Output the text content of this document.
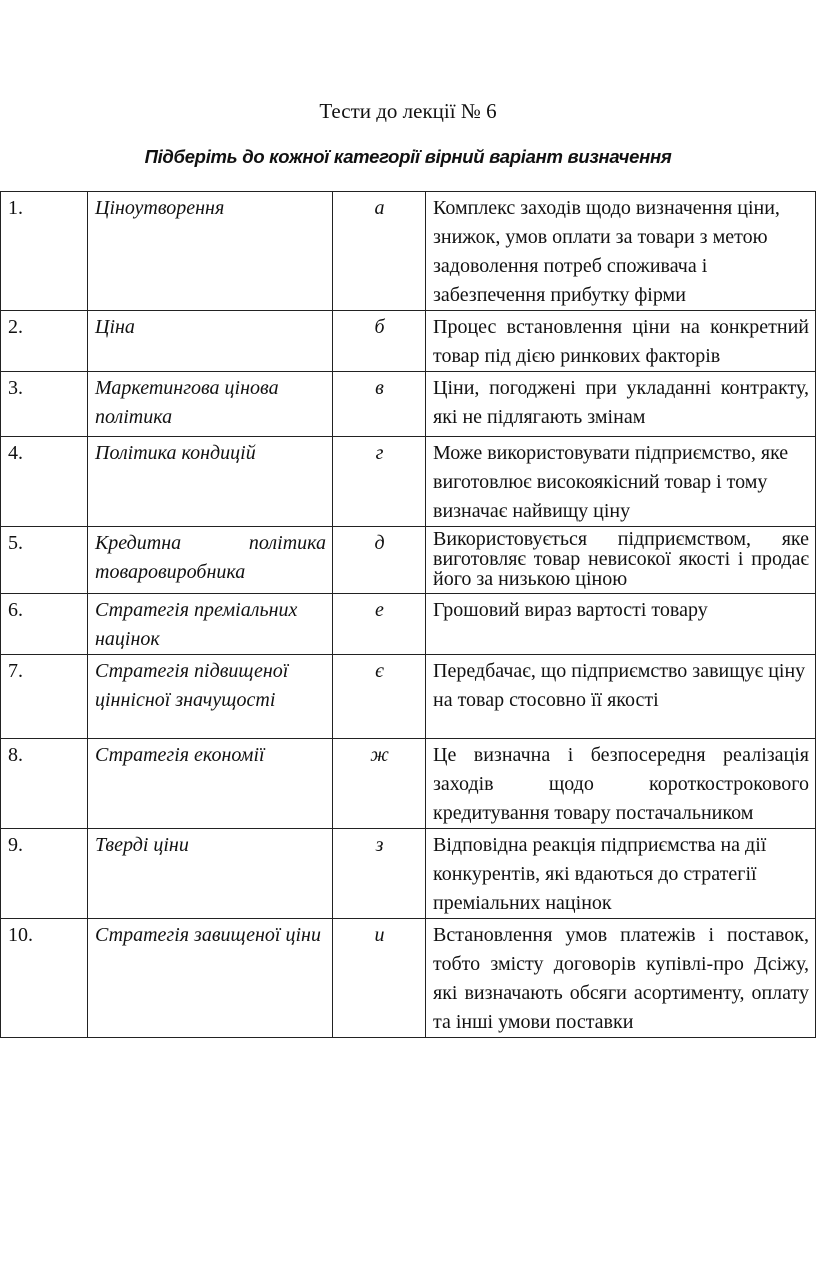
Тести до лекції № 6
Підберіть до кожної категорії вірний варіант визначення
1.	Ціноутворення	а	Комплекс заходів щодо визначення ціни, знижок, умов оплати за товари з метою задоволення потреб споживача і забезпечення прибутку фірми
2.	Ціна	б	Процес встановлення ціни на конкретний товар під дією ринкових факторів
3.	Маркетингова цінова політика	в	Ціни, погоджені при укладанні контракту, які не підлягають змінам
4.	Політика кондицій	г	Може використовувати підприємство, яке виготовлює високоякісний товар і тому визначає найвищу ціну
5.	Кредитна політика товаровиробника	д	Використовується підприємством, яке виготовляє товар невисокої якості і продає його за низькою ціною
6.	Стратегія преміальних націнок	е	Грошовий вираз вартості товару
7.	Стратегія підвищеної ціннісної значущості	є	Передбачає, що підприємство завищує ціну на товар стосовно її якості
8.	Стратегія економії	ж	Це визначна і безпосередня реалізація заходів щодо короткострокового кредитування товару постачальником
9.	Тверді ціни	з	Відповідна реакція підприємства на дії конкурентів, які вдаються до стратегії преміальних націнок
10.	Стратегія завищеної ціни	и	Встановлення умов платежів і поставок, тобто змісту договорів купівлі-про Дсіжу, які визначають обсяги асортименту, оплату та інші умови поставки
